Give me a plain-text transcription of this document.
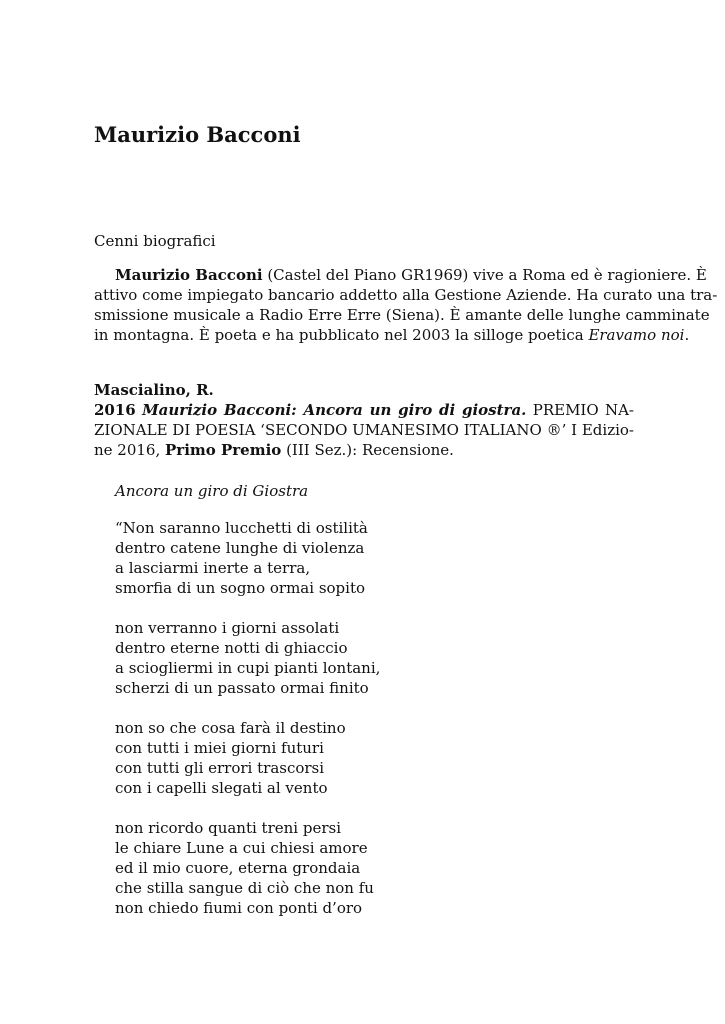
Maurizio Bacconi

Cenni biografici

Maurizio Bacconi (Castel del Piano GR1969) vive a Roma ed è ragioniere. È
attivo come impiegato bancario addetto alla Gestione Aziende. Ha curato una tra-
smissione musicale a Radio Erre Erre (Siena). È amante delle lunghe camminate
in montagna. È poeta e ha pubblicato nel 2003 la silloge poetica Eravamo noi.

Mascialino, R.
2016 Maurizio Bacconi: Ancora un giro di giostra. PREMIO NA-
ZIONALE DI POESIA ‘SECONDO UMANESIMO ITALIANO ®’ I Edizio-
ne 2016, Primo Premio (III Sez.): Recensione.

Ancora un giro di Giostra

“Non saranno lucchetti di ostilità
dentro catene lunghe di violenza
a lasciarmi inerte a terra,
smorfia di un sogno ormai sopito
non verranno i giorni assolati
dentro eterne notti di ghiaccio
a sciogliermi in cupi pianti lontani,
scherzi di un passato ormai finito
non so che cosa farà il destino
con tutti i miei giorni futuri
con tutti gli errori trascorsi
con i capelli slegati al vento
non ricordo quanti treni persi
le chiare Lune a cui chiesi amore
ed il mio cuore, eterna grondaia
che stilla sangue di ciò che non fu
non chiedo fiumi con ponti d’oro
